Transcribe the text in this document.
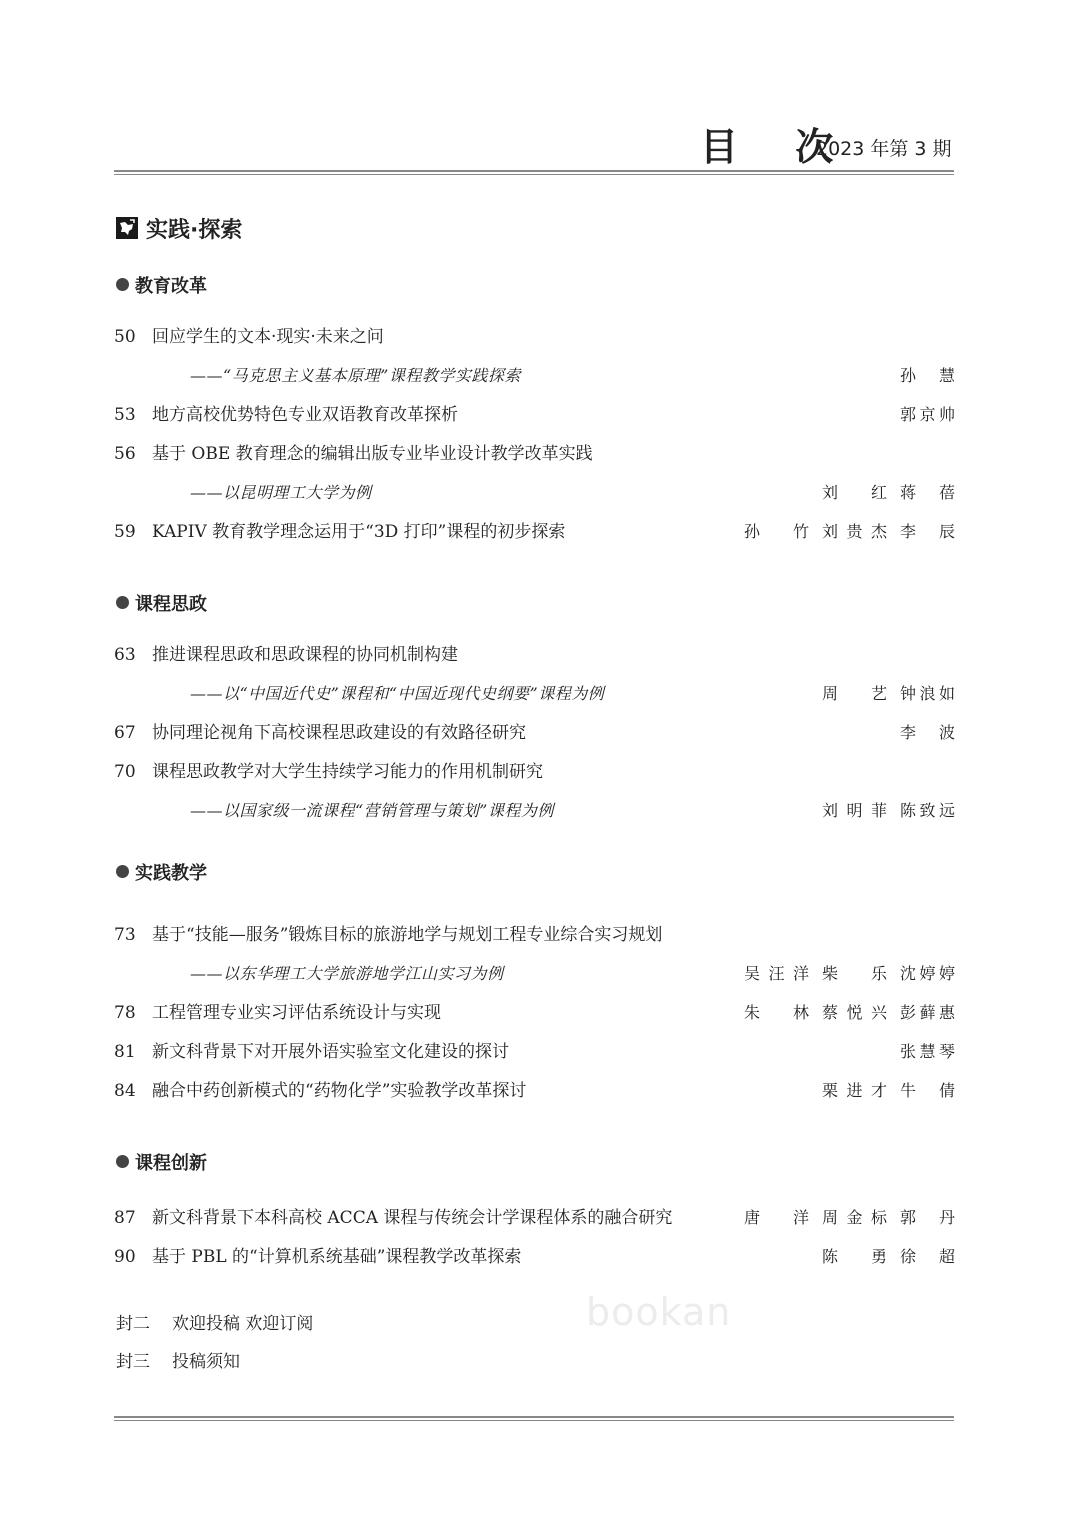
目 次
2023 年第 3 期
实践·探索
教育改革
50 回应学生的文本·现实·未来之问
——“马克思主义基本原理”课程教学实践探索	孙 慧
53 地方高校优势特色专业双语教育改革探析	郭京帅
56 基于 OBE 教育理念的编辑出版专业毕业设计教学改革实践
——以昆明理工大学为例	刘 红 蒋 蓓
59 KAPIV 教育教学理念运用于“3D 打印”课程的初步探索	孙 竹 刘贵杰 李 辰
课程思政
63 推进课程思政和思政课程的协同机制构建
——以“中国近代史”课程和“中国近现代史纲要”课程为例	周 艺 钟浪如
67 协同理论视角下高校课程思政建设的有效路径研究	李 波
70 课程思政教学对大学生持续学习能力的作用机制研究
——以国家级一流课程“营销管理与策划”课程为例	刘明菲 陈致远
实践教学
73 基于“技能—服务”锻炼目标的旅游地学与规划工程专业综合实习规划
——以东华理工大学旅游地学江山实习为例	吴汪洋 柴 乐 沈婷婷
78 工程管理专业实习评估系统设计与实现	朱 林 蔡悦兴 彭藓惠
81 新文科背景下对开展外语实验室文化建设的探讨	张慧琴
84 融合中药创新模式的“药物化学”实验教学改革探讨	栗进才 牛 倩
课程创新
87 新文科背景下本科高校 ACCA 课程与传统会计学课程体系的融合研究	唐 洋 周金标 郭 丹
90 基于 PBL 的“计算机系统基础”课程教学改革探索	陈 勇 徐 超
封二 欢迎投稿 欢迎订阅
封三 投稿须知
bookan
